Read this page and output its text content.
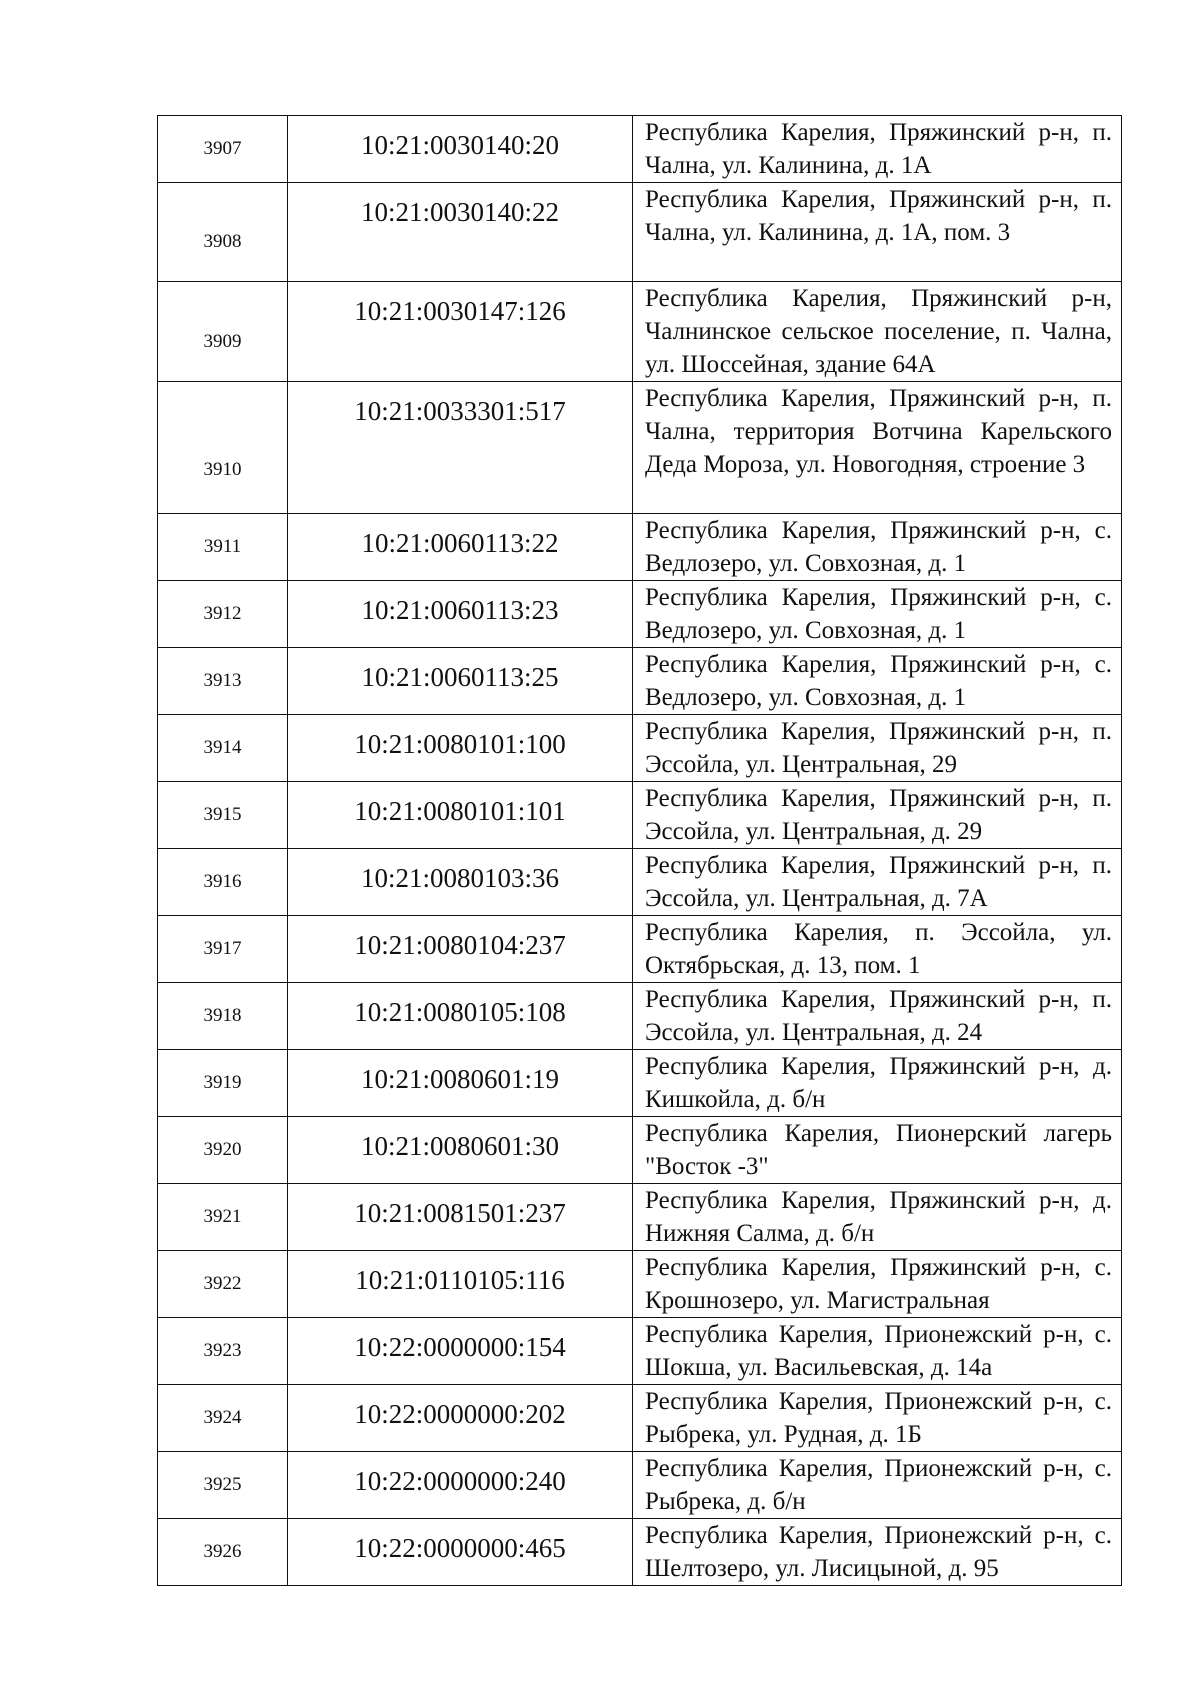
3907	10:21:0030140:20	Республика Карелия, Пряжинский р-н, п. Чална, ул. Калинина, д. 1А

3908	10:21:0030140:22	Республика Карелия, Пряжинский р-н, п. Чална, ул. Калинина, д. 1А, пом. 3

3909	10:21:0030147:126	Республика Карелия, Пряжинский р-н, Чалнинское сельское поселение, п. Чална, ул. Шоссейная, здание 64А

3910	10:21:0033301:517	Республика Карелия, Пряжинский р-н, п. Чална, территория Вотчина Карельского Деда Мороза, ул. Новогодняя, строение 3

3911	10:21:0060113:22	Республика Карелия, Пряжинский р-н, с. Ведлозеро, ул. Совхозная, д. 1

3912	10:21:0060113:23	Республика Карелия, Пряжинский р-н, с. Ведлозеро, ул. Совхозная, д. 1

3913	10:21:0060113:25	Республика Карелия, Пряжинский р-н, с. Ведлозеро, ул. Совхозная, д. 1

3914	10:21:0080101:100	Республика Карелия, Пряжинский р-н, п. Эссойла, ул. Центральная, 29

3915	10:21:0080101:101	Республика Карелия, Пряжинский р-н, п. Эссойла, ул. Центральная, д. 29

3916	10:21:0080103:36	Республика Карелия, Пряжинский р-н, п. Эссойла, ул. Центральная, д. 7А

3917	10:21:0080104:237	Республика Карелия, п. Эссойла, ул. Октябрьская, д. 13, пом. 1

3918	10:21:0080105:108	Республика Карелия, Пряжинский р-н, п. Эссойла, ул. Центральная, д. 24

3919	10:21:0080601:19	Республика Карелия, Пряжинский р-н, д. Кишкойла, д. б/н

3920	10:21:0080601:30	Республика Карелия, Пионерский лагерь "Восток -3"

3921	10:21:0081501:237	Республика Карелия, Пряжинский р-н, д. Нижняя Салма, д. б/н

3922	10:21:0110105:116	Республика Карелия, Пряжинский р-н, с. Крошнозеро, ул. Магистральная

3923	10:22:0000000:154	Республика Карелия, Прионежский р-н, с. Шокша, ул. Васильевская, д. 14а

3924	10:22:0000000:202	Республика Карелия, Прионежский р-н, с. Рыбрека, ул. Рудная, д. 1Б

3925	10:22:0000000:240	Республика Карелия, Прионежский р-н, с. Рыбрека, д. б/н

3926	10:22:0000000:465	Республика Карелия, Прионежский р-н, с. Шелтозеро, ул. Лисицыной, д. 95
